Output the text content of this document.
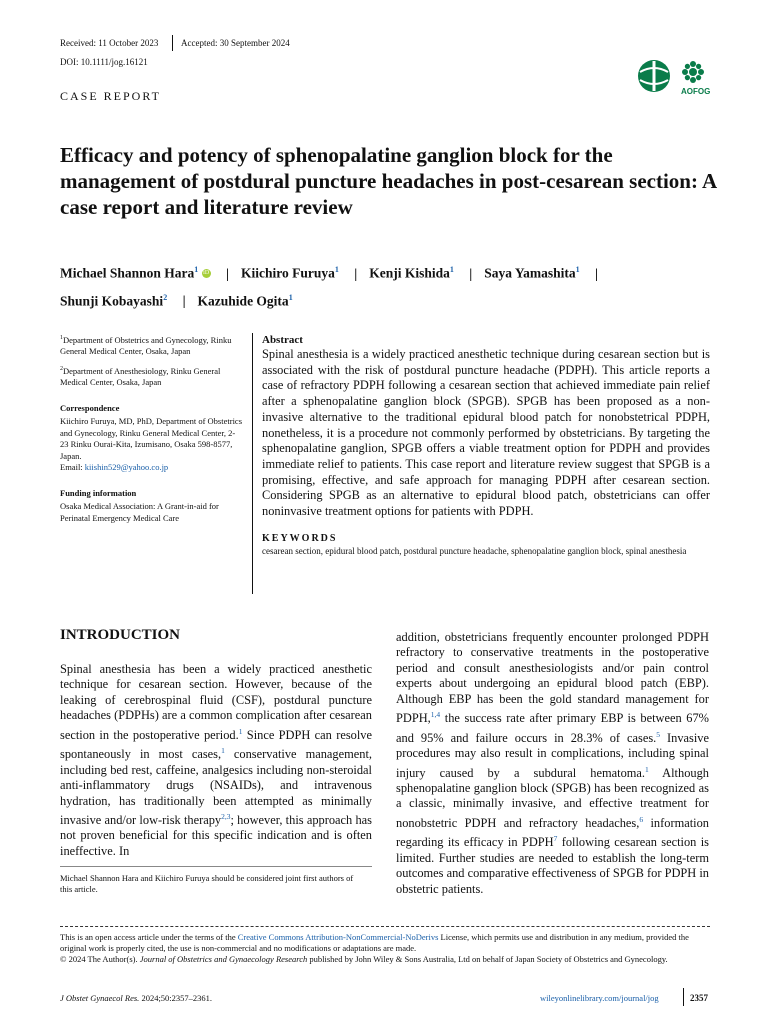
Received: 11 October 2023	Accepted: 30 September 2024
DOI: 10.1111/jog.16121
CASE REPORT	AOFOG
Efficacy and potency of sphenopalatine ganglion block for the management of postdural puncture headaches in post-cesarean section: A case report and literature review
Michael Shannon Hara$^1$ iD | Kiichiro Furuya$^1$ | Kenji Kishida$^1$ | Saya Yamashita$^1$ |
Shunji Kobayashi$^2$ | Kazuhide Ogita$^1$

$^1$Department of Obstetrics and Gynecology, Rinku General Medical Center, Osaka, Japan

$^2$Department of Anesthesiology, Rinku General Medical Center, Osaka, Japan

Correspondence

Kiichiro Furuya, MD, PhD, Department of Obstetrics and Gynecology, Rinku General Medical Center, 2-23 Rinku Ourai-Kita, Izumisano, Osaka 598-8577, Japan.
Email: kiishin529@yahoo.co.jp

Funding information

Osaka Medical Association: A Grant-in-aid for Perinatal Emergency Medical Care

Abstract

Spinal anesthesia is a widely practiced anesthetic technique during cesarean section but is associated with the risk of postdural puncture headache (PDPH). This article reports a case of refractory PDPH following a cesarean section that achieved immediate pain relief after a sphenopalatine ganglion block (SPGB). SPGB has been proposed as a non-invasive alternative to the traditional epidural blood patch for nonobstetrical PDPH, nonetheless, it is a procedure not commonly performed by obstetricians. By targeting the sphenopalatine ganglion, SPGB offers a viable treatment option for PDPH and provides immediate relief to patients. This case report and literature review suggest that SPGB is a promising, effective, and safe approach for managing PDPH after cesarean section. Considering SPGB as an alternative to epidural blood patch, obstetricians can offer noninvasive treatment options for patients with PDPH.

KEYWORDS
cesarean section, epidural blood patch, postdural puncture headache, sphenopalatine ganglion block, spinal anesthesia
INTRODUCTION

Spinal anesthesia has been a widely practiced anesthetic technique for cesarean section. However, because of the leaking of cerebrospinal fluid (CSF), postdural puncture headaches (PDPHs) are a common complication after cesarean section in the postoperative period.$^1$ Since PDPH can resolve spontaneously in most cases,$^1$ conservative management, including bed rest, caffeine, analgesics including non-steroidal anti-inflammatory drugs (NSAIDs), and intravenous hydration, has traditionally been attempted as minimally invasive and/or low-risk therapy$^{2,3}$; however, this approach has not proven beneficial for this specific indication and is often ineffective. In

addition, obstetricians frequently encounter prolonged PDPH refractory to conservative treatments in the postoperative period and consult anesthesiologists and/or pain control experts about undergoing an epidural blood patch (EBP). Although EBP has been the gold standard management for PDPH,$^{1,4}$ the success rate after primary EBP is between 67% and 95% and failure occurs in 28.3% of cases.$^5$ Invasive procedures may also result in complications, including spinal injury caused by a subdural hematoma.$^1$ Although sphenopalatine ganglion block (SPGB) has been recognized as a classic, minimally invasive, and effective treatment for nonobstetric PDPH and refractory headaches,$^6$ information regarding its efficacy in PDPH$^7$ following cesarean section is limited. Further studies are needed to establish the long-term outcomes and comparative effectiveness of SPGB for PDPH in obstetric patients.

Michael Shannon Hara and Kiichiro Furuya should be considered joint first authors of this article.
This is an open access article under the terms of the Creative Commons Attribution-NonCommercial-NoDerivs License, which permits use and distribution in any medium, provided the original work is properly cited, the use is non-commercial and no modifications or adaptations are made.
© 2024 The Author(s). Journal of Obstetrics and Gynaecology Research published by John Wiley & Sons Australia, Ltd on behalf of Japan Society of Obstetrics and Gynecology.
J Obstet Gynaecol Res. 2024;50:2357–2361.	wileyonlinelibrary.com/journal/jog	2357
